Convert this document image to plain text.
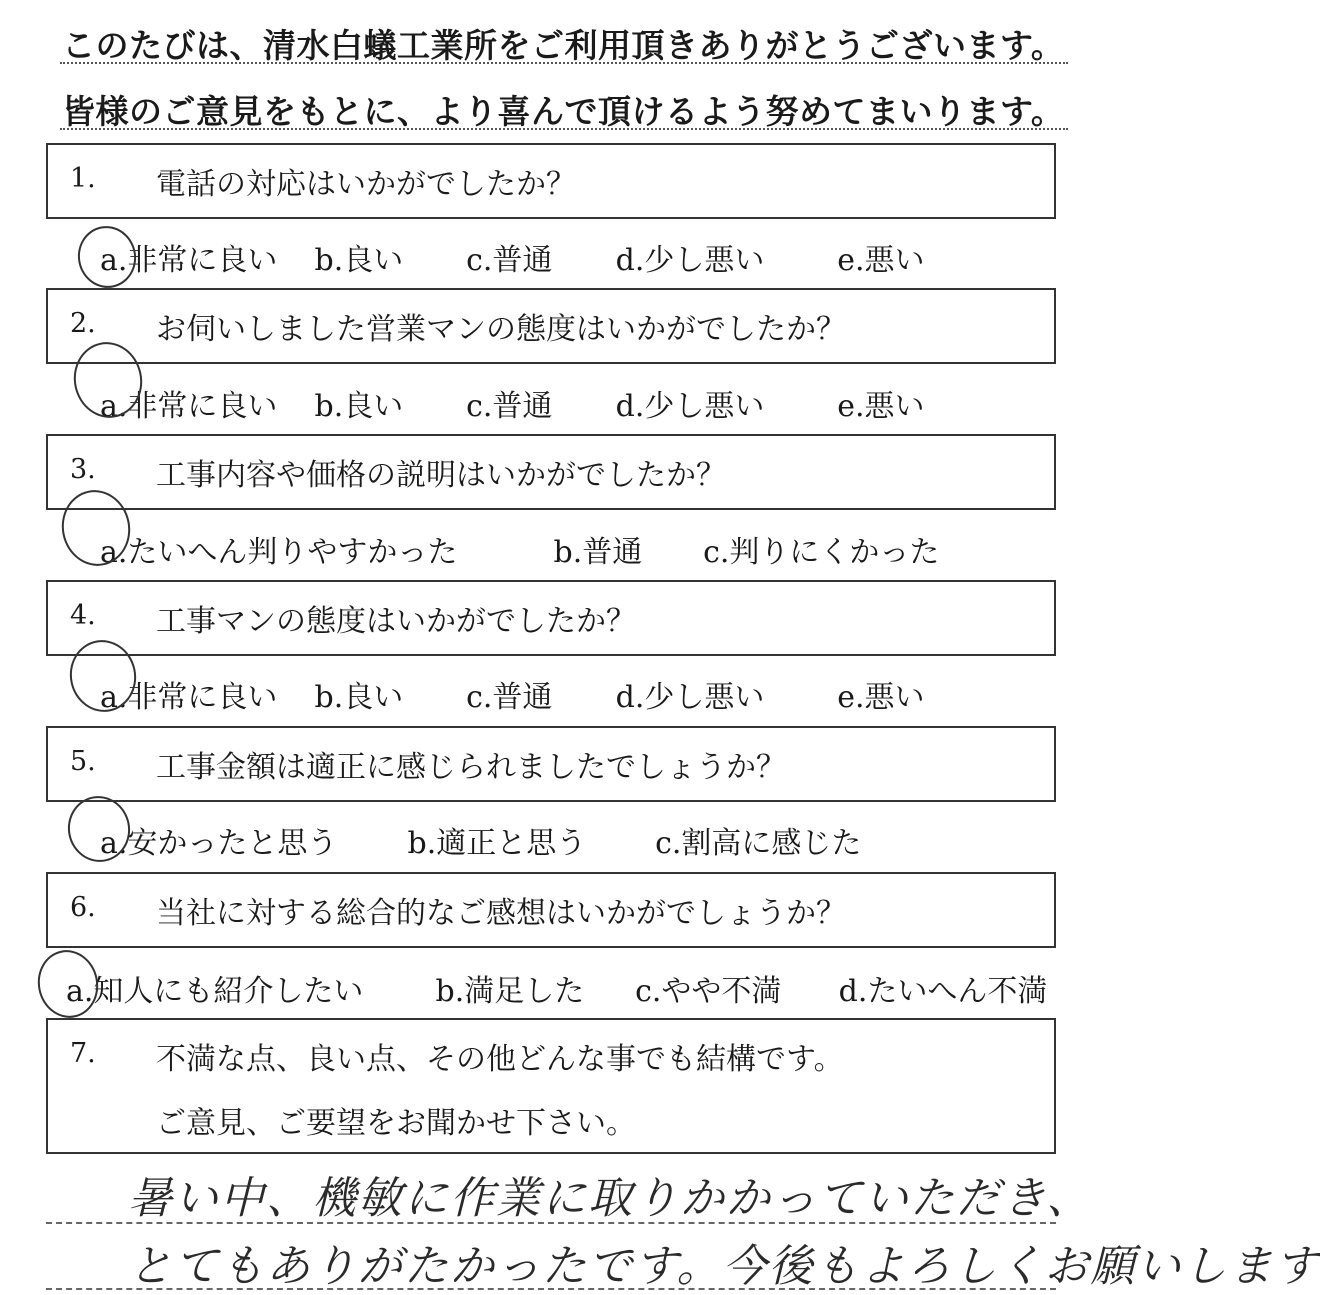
このたびは、清水白蟻工業所をご利用頂きありがとうございます。
皆様のご意見をもとに、より喜んで頂けるよう努めてまいります。
1. 電話の対応はいかがでしたか？
a.非常に良い b.良い c.普通 d.少し悪い e.悪い
2. お伺いしました営業マンの態度はいかがでしたか？
a.非常に良い b.良い c.普通 d.少し悪い e.悪い
3. 工事内容や価格の説明はいかがでしたか？
a.たいへん判りやすかった	b.普通 c.判りにくかった
4. 工事マンの態度はいかがでしたか？
a.非常に良い b.良い c.普通 d.少し悪い e.悪い
5. 工事金額は適正に感じられましたでしょうか？
a.安かったと思う b.適正と思う c.割高に感じた
6. 当社に対する総合的なご感想はいかがでしょうか？
a.知人にも紹介したい b.満足した c.やや不満 d.たいへん不満
7. 不満な点、良い点、その他どんな事でも結構です。
ご意見、ご要望をお聞かせ下さい。
暑い中、機敏に作業に取りかかっていただき、
とてもありがたかったです。今後もよろしくお願いします
